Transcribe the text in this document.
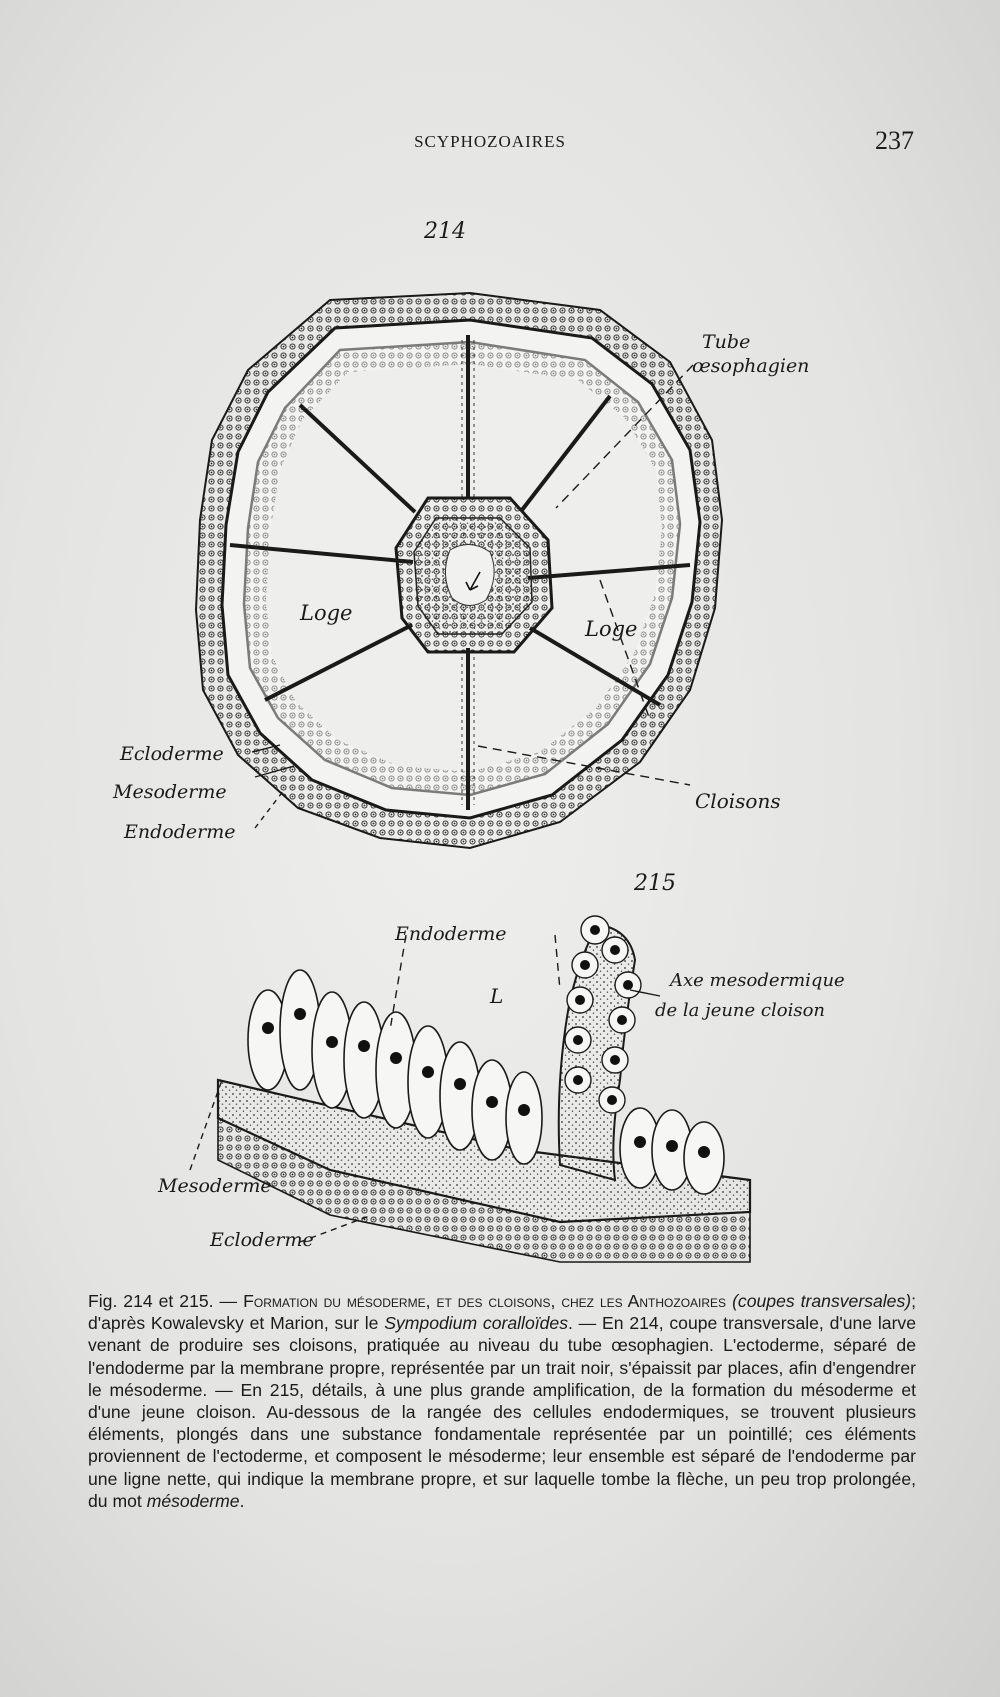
SCYPHOZOAIRES	237
214
Tube
œsophagien
Loge
Loge
Ecloderme
Mesoderme
Endoderme
Cloisons
215
Endoderme
L
Axe mesodermique
de la jeune cloison
Mesoderme
Ecloderme
Fig. 214 et 215. — Formation du mésoderme, et des cloisons, chez les Anthozoaires (coupes transversales); d'après Kowalevsky et Marion, sur le Sympodium coralloïdes. — En 214, coupe transversale, d'une larve venant de produire ses cloisons, pratiquée au niveau du tube œsophagien. L'ectoderme, séparé de l'endoderme par la membrane propre, représentée par un trait noir, s'épaissit par places, afin d'engendrer le mésoderme. — En 215, détails, à une plus grande amplification, de la formation du mésoderme et d'une jeune cloison. Au-dessous de la rangée des cellules endodermiques, se trouvent plusieurs éléments, plongés dans une substance fondamentale représentée par un pointillé; ces éléments proviennent de l'ectoderme, et composent le mésoderme; leur ensemble est séparé de l'endoderme par une ligne nette, qui indique la membrane propre, et sur laquelle tombe la flèche, un peu trop prolongée, du mot mésoderme.
